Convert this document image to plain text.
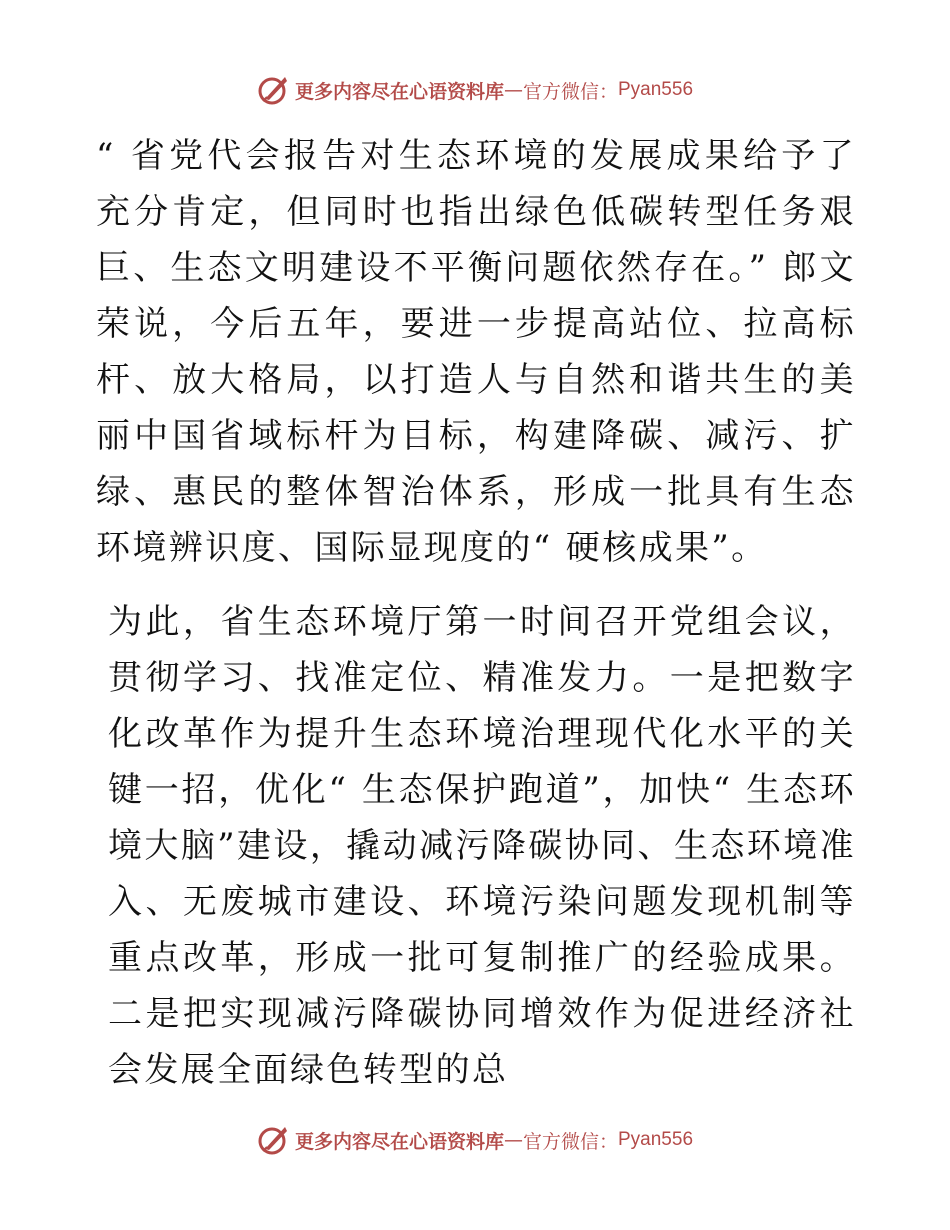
更多内容尽在心语资料库 — 官方微信： Pyan556

“ 省党代会报告对生态环境的发展成果给予了充分肯定，但同时也指出绿色低碳转型任务艰巨、生态文明建设不平衡问题依然存在。” 郎文荣说，今后五年，要进一步提高站位、拉高标杆、放大格局，以打造人与自然和谐共生的美丽中国省域标杆为目标，构建降碳、减污、扩绿、惠民的整体智治体系，形成一批具有生态环境辨识度、国际显现度的“ 硬核成果”。

为此，省生态环境厅第一时间召开党组会议，贯彻学习、找准定位、精准发力。一是把数字化改革作为提升生态环境治理现代化水平的关键一招，优化“ 生态保护跑道”，加快“ 生态环境大脑”建设，撬动减污降碳协同、生态环境准入、无废城市建设、环境污染问题发现机制等重点改革，形成一批可复制推广的经验成果。二是把实现减污降碳协同增效作为促进经济社会发展全面绿色转型的总

更多内容尽在心语资料库 — 官方微信： Pyan556
